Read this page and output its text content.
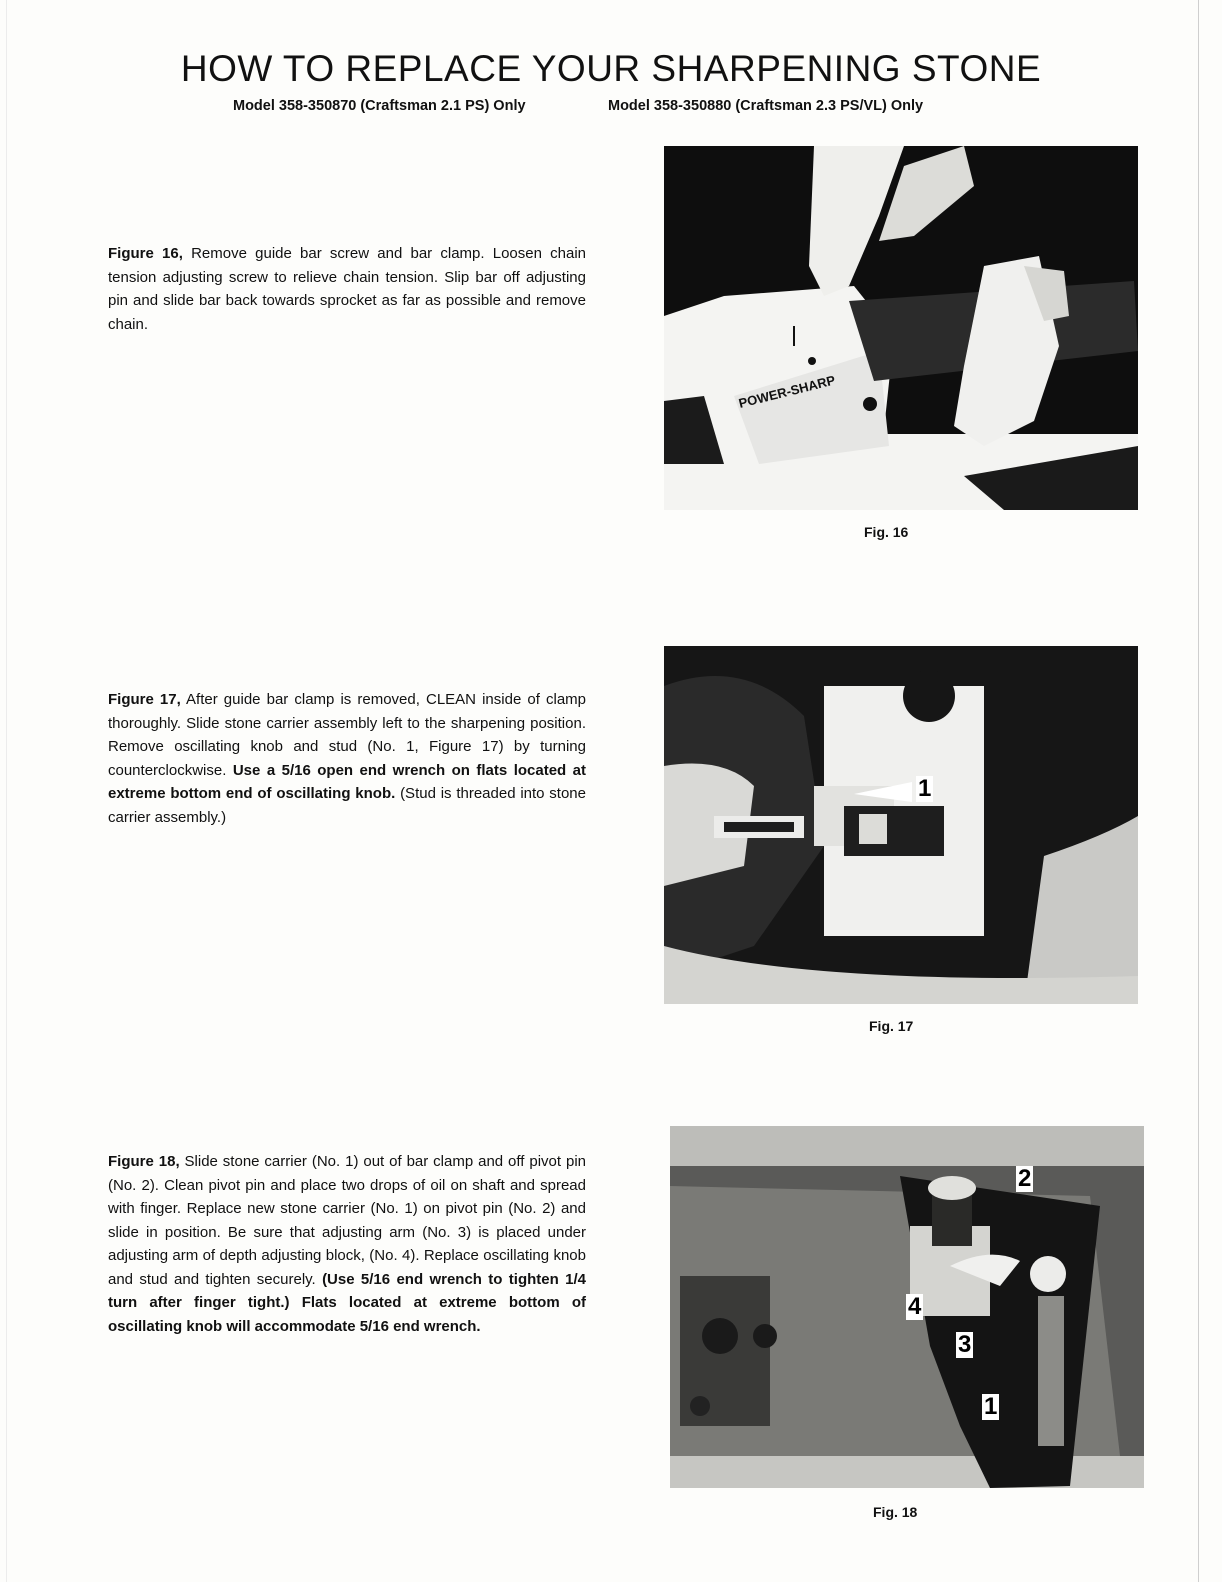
HOW TO REPLACE YOUR SHARPENING STONE
Model 358-350870 (Craftsman 2.1 PS) Only	Model 358-350880 (Craftsman 2.3 PS/VL) Only

Figure 16, Remove guide bar screw and bar clamp. Loosen chain tension adjusting screw to relieve chain tension. Slip bar off adjusting pin and slide bar back towards sprocket as far as possible and remove chain.

POWER-SHARP
Fig. 16

Figure 17, After guide bar clamp is removed, CLEAN inside of clamp thoroughly. Slide stone carrier assembly left to the sharpening position. Remove oscillating knob and stud (No. 1, Figure 17) by turning counterclockwise. Use a 5/16 open end wrench on flats located at extreme bottom end of oscillating knob. (Stud is threaded into stone carrier assembly.)

1
Fig. 17

Figure 18, Slide stone carrier (No. 1) out of bar clamp and off pivot pin (No. 2). Clean pivot pin and place two drops of oil on shaft and spread with finger. Replace new stone carrier (No. 1) on pivot pin (No. 2) and slide in position. Be sure that adjusting arm (No. 3) is placed under adjusting arm of depth adjusting block, (No. 4). Replace oscillating knob and stud and tighten securely. (Use 5/16 end wrench to tighten 1/4 turn after finger tight.) Flats located at extreme bottom of oscillating knob will accommodate 5/16 end wrench.

2
4
3
1
Fig. 18
